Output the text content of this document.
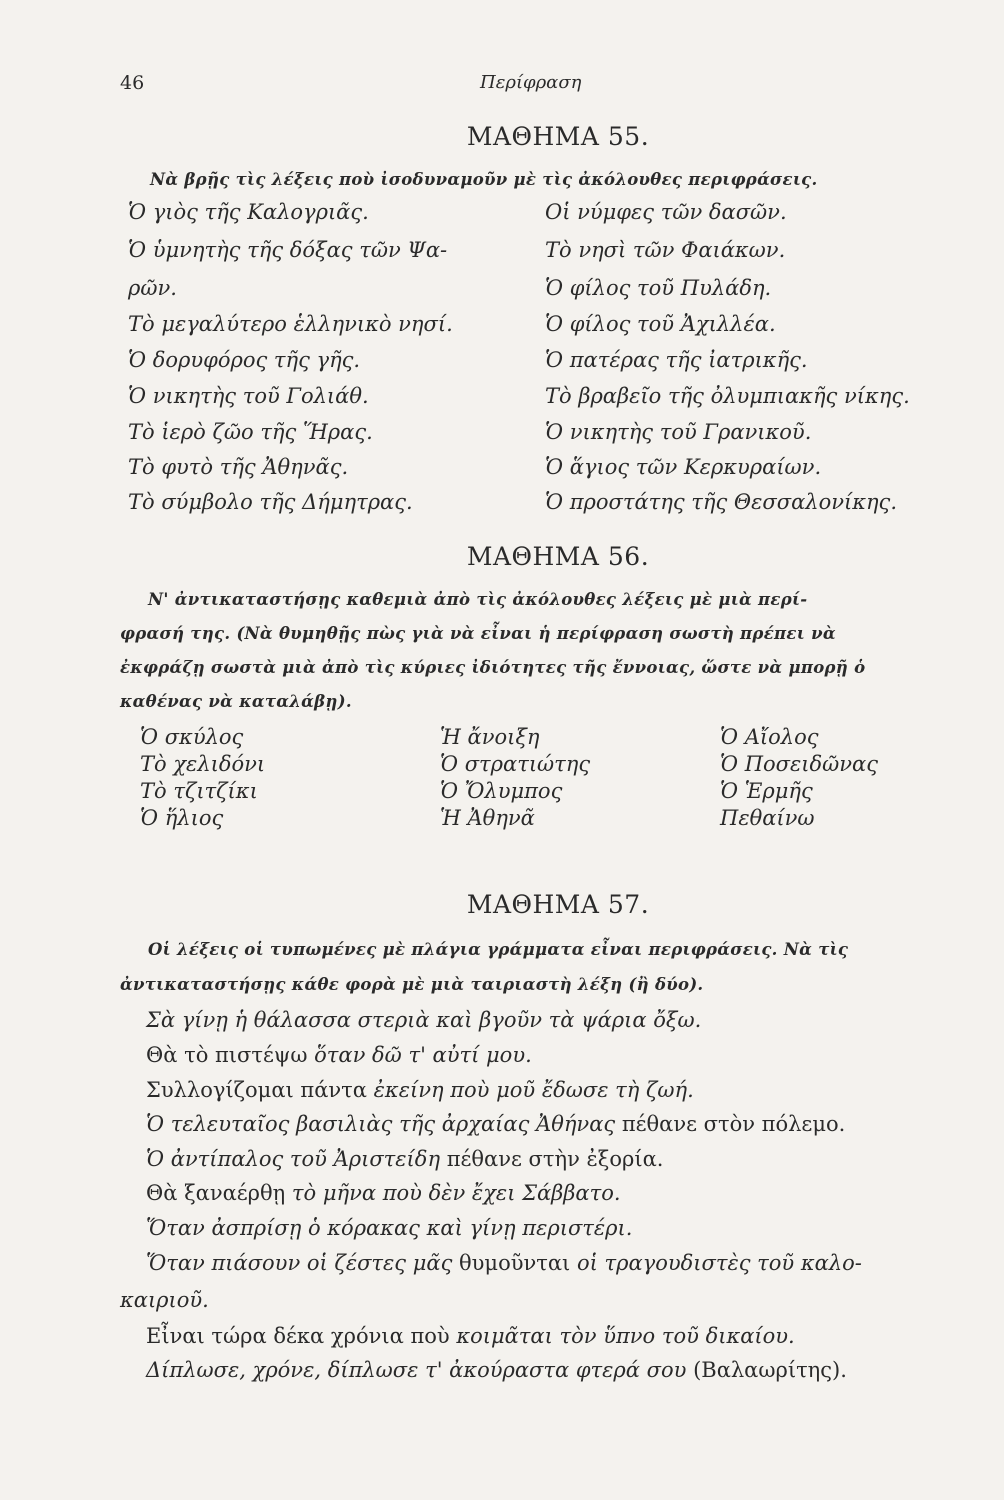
46	Περίφραση
ΜΑΘΗΜΑ 55.
Νὰ βρῇς τὶς λέξεις ποὺ ἰσοδυναμοῦν μὲ τὶς ἀκόλουθες περιφράσεις.
Ὁ γιὸς τῆς Καλογριᾶς.
Ὁ ὑμνητὴς τῆς δόξας τῶν Ψα-
ρῶν.
Τὸ μεγαλύτερο ἑλληνικὸ νησί.
Ὁ δορυφόρος τῆς γῆς.
Ὁ νικητὴς τοῦ Γολιάθ.
Τὸ ἱερὸ ζῶο τῆς Ἥρας.
Τὸ φυτὸ τῆς Ἀθηνᾶς.
Τὸ σύμβολο τῆς Δήμητρας.
Οἱ νύμφες τῶν δασῶν.
Τὸ νησὶ τῶν Φαιάκων.
Ὁ φίλος τοῦ Πυλάδη.
Ὁ φίλος τοῦ Ἀχιλλέα.
Ὁ πατέρας τῆς ἰατρικῆς.
Τὸ βραβεῖο τῆς ὀλυμπιακῆς νίκης.
Ὁ νικητὴς τοῦ Γρανικοῦ.
Ὁ ἅγιος τῶν Κερκυραίων.
Ὁ προστάτης τῆς Θεσσαλονίκης.
ΜΑΘΗΜΑ 56.
Ν' ἀντικαταστήσῃς καθεμιὰ ἀπὸ τὶς ἀκόλουθες λέξεις μὲ μιὰ περί-
φρασή της. (Νὰ θυμηθῇς πὼς γιὰ νὰ εἶναι ἡ περίφραση σωστὴ πρέπει νὰ
ἐκφράζῃ σωστὰ μιὰ ἀπὸ τὶς κύριες ἰδιότητες τῆς ἔννοιας, ὥστε νὰ μπορῇ ὁ
καθένας νὰ καταλάβῃ).
Ὁ σκύλος
Τὸ χελιδόνι
Τὸ τζιτζίκι
Ὁ ἥλιος
Ἡ ἄνοιξη
Ὁ στρατιώτης
Ὁ Ὄλυμπος
Ἡ Ἀθηνᾶ
Ὁ Αἴολος
Ὁ Ποσειδῶνας
Ὁ Ἑρμῆς
Πεθαίνω
ΜΑΘΗΜΑ 57.
Οἱ λέξεις οἱ τυπωμένες μὲ πλάγια γράμματα εἶναι περιφράσεις. Νὰ τὶς
ἀντικαταστήσῃς κάθε φορὰ μὲ μιὰ ταιριαστὴ λέξη (ἢ δύο).
Σὰ γίνῃ ἡ θάλασσα στεριὰ καὶ βγοῦν τὰ ψάρια ὄξω.
Θὰ τὸ πιστέψω ὅταν δῶ τ' αὐτί μου.
Συλλογίζομαι πάντα ἐκείνη ποὺ μοῦ ἔδωσε τὴ ζωή.
Ὁ τελευταῖος βασιλιὰς τῆς ἀρχαίας Ἀθήνας πέθανε στὸν πόλεμο.
Ὁ ἀντίπαλος τοῦ Ἀριστείδη πέθανε στὴν ἐξορία.
Θὰ ξαναέρθῃ τὸ μῆνα ποὺ δὲν ἔχει Σάββατο.
Ὅταν ἀσπρίσῃ ὁ κόρακας καὶ γίνῃ περιστέρι.
Ὅταν πιάσουν οἱ ζέστες μᾶς θυμοῦνται οἱ τραγουδιστὲς τοῦ καλο-
καιριοῦ.
Εἶναι τώρα δέκα χρόνια ποὺ κοιμᾶται τὸν ὕπνο τοῦ δικαίου.
Δίπλωσε, χρόνε, δίπλωσε τ' ἀκούραστα φτερά σου (Βαλαωρίτης).
